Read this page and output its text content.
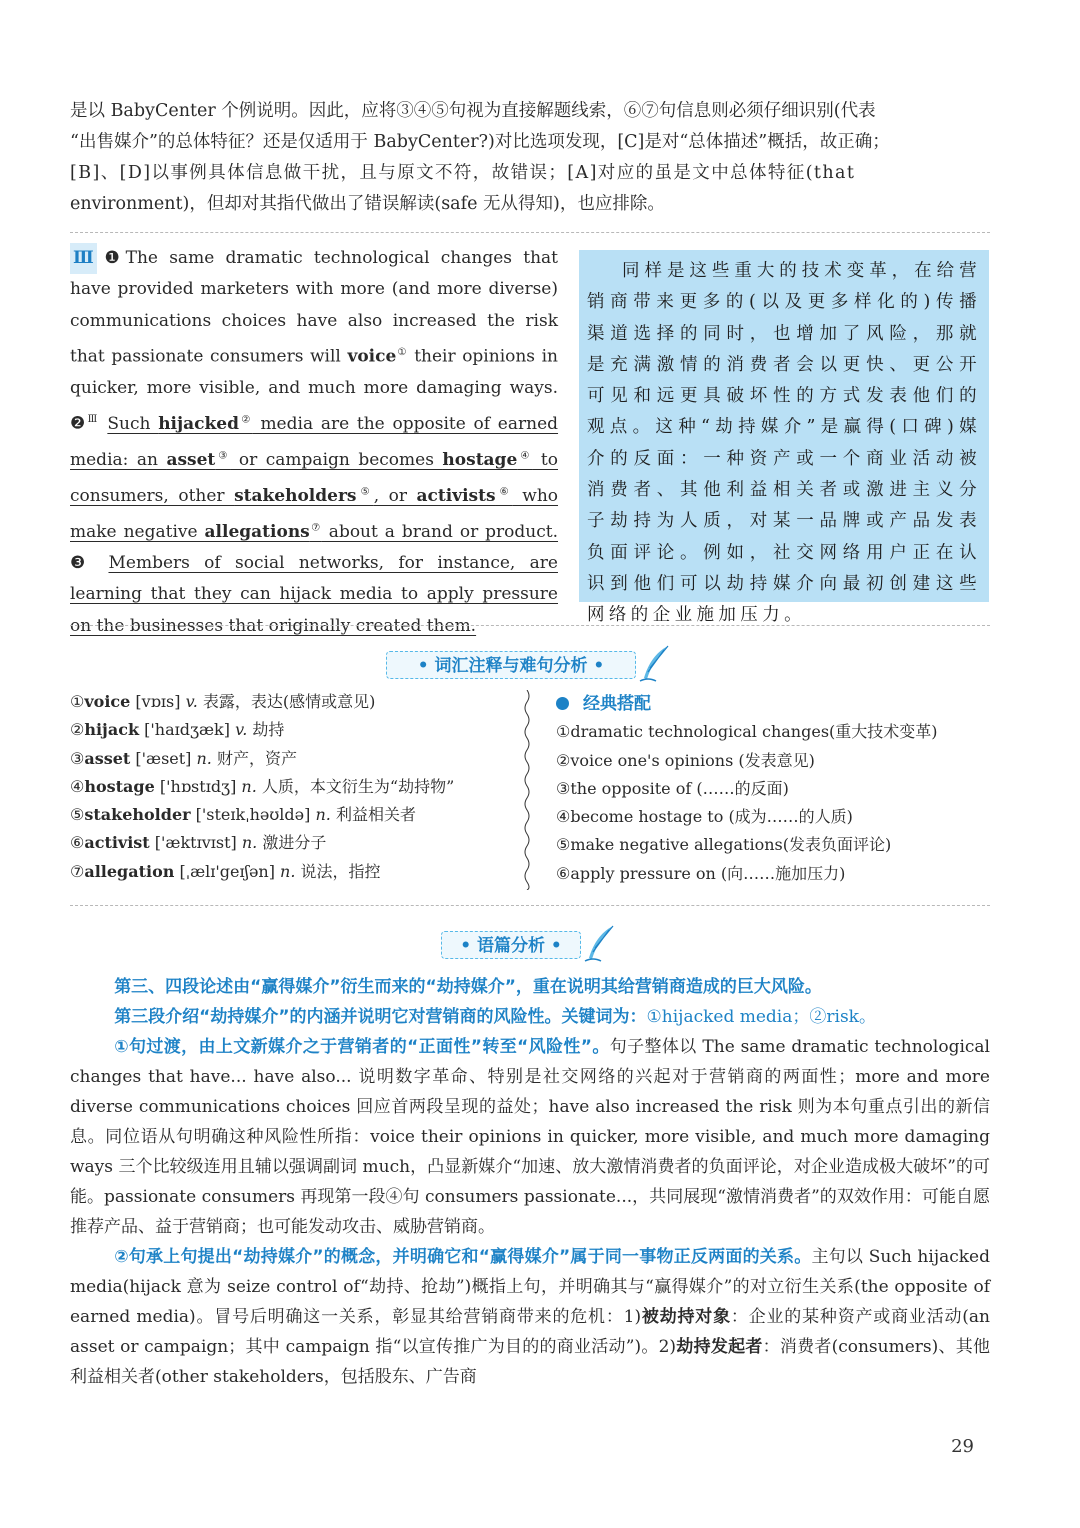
是以 BabyCenter 个例说明。因此，应将③④⑤句视为直接解题线索，⑥⑦句信息则必须仔细识别(代表

“出售媒介”的总体特征？还是仅适用于 BabyCenter?)对比选项发现，[C]是对“总体描述”概括，故正确；

[B]、[D]以事例具体信息做干扰，且与原文不符，故错误；[A]对应的虽是文中总体特征(that

environment)，但却对其指代做出了错误解读(safe 无从得知)，也应排除。

Ⅲ ❶The same dramatic technological changes that have provided marketers with more (and more diverse) communications choices have also increased the risk that passionate consumers will voice① their opinions in quicker, more visible, and much more damaging ways. ❷$^Ⅲ$ Such hijacked② media are the opposite of earned media: an asset③ or campaign becomes hostage④ to consumers, other stakeholders⑤, or activists⑥ who make negative allegations⑦ about a brand or product. ❸ Members of social networks, for instance, are learning that they can hijack media to apply pressure on the businesses that originally created them.

同样是这些重大的技术变革，在给营销商带来更多的(以及更多样化的)传播渠道选择的同时，也增加了风险，那就是充满激情的消费者会以更快、更公开可见和远更具破坏性的方式发表他们的观点。这种“劫持媒介”是赢得(口碑)媒介的反面：一种资产或一个商业活动被消费者、其他利益相关者或激进主义分子劫持为人质，对某一品牌或产品发表负面评论。例如，社交网络用户正在认识到他们可以劫持媒介向最初创建这些网络的企业施加压力。

• 词汇注释与难句分析 •
①voice [vɒɪs] v. 表露，表达(感情或意见)
②hijack ['haɪdʒæk] v. 劫持
③asset ['æset] n. 财产，资产
④hostage ['hɒstɪdʒ] n. 人质，本文衍生为“劫持物”
⑤stakeholder ['steɪkˌhəʊldə] n. 利益相关者
⑥activist ['æktɪvɪst] n. 激进分子
⑦allegation [ˌælɪ'geɪʃən] n. 说法，指控
经典搭配
①dramatic technological changes(重大技术变革)
②voice one's opinions (发表意见)
③the opposite of (……的反面)
④become hostage to (成为……的人质)
⑤make negative allegations(发表负面评论)
⑥apply pressure on (向……施加压力)
• 语篇分析 •

第三、四段论述由“赢得媒介”衍生而来的“劫持媒介”，重在说明其给营销商造成的巨大风险。

第三段介绍“劫持媒介”的内涵并说明它对营销商的风险性。关键词为：①hijacked media；②risk。

①句过渡，由上文新媒介之于营销者的“正面性”转至“风险性”。句子整体以 The same dramatic technological changes that have... have also... 说明数字革命、特别是社交网络的兴起对于营销商的两面性；more and more diverse communications choices 回应首两段呈现的益处；have also increased the risk 则为本句重点引出的新信息。同位语从句明确这种风险性所指：voice their opinions in quicker, more visible, and much more damaging ways 三个比较级连用且辅以强调副词 much，凸显新媒介“加速、放大激情消费者的负面评论，对企业造成极大破坏”的可能。passionate consumers 再现第一段④句 consumers passionate...，共同展现“激情消费者”的双效作用：可能自愿推荐产品、益于营销商；也可能发动攻击、威胁营销商。

②句承上句提出“劫持媒介”的概念，并明确它和“赢得媒介”属于同一事物正反两面的关系。主句以 Such hijacked media(hijack 意为 seize control of“劫持、抢劫”)概指上句，并明确其与“赢得媒介”的对立衍生关系(the opposite of earned media)。冒号后明确这一关系，彰显其给营销商带来的危机：1)被劫持对象：企业的某种资产或商业活动(an asset or campaign；其中 campaign 指“以宣传推广为目的的商业活动”)。2)劫持发起者：消费者(consumers)、其他利益相关者(other stakeholders，包括股东、广告商

29
